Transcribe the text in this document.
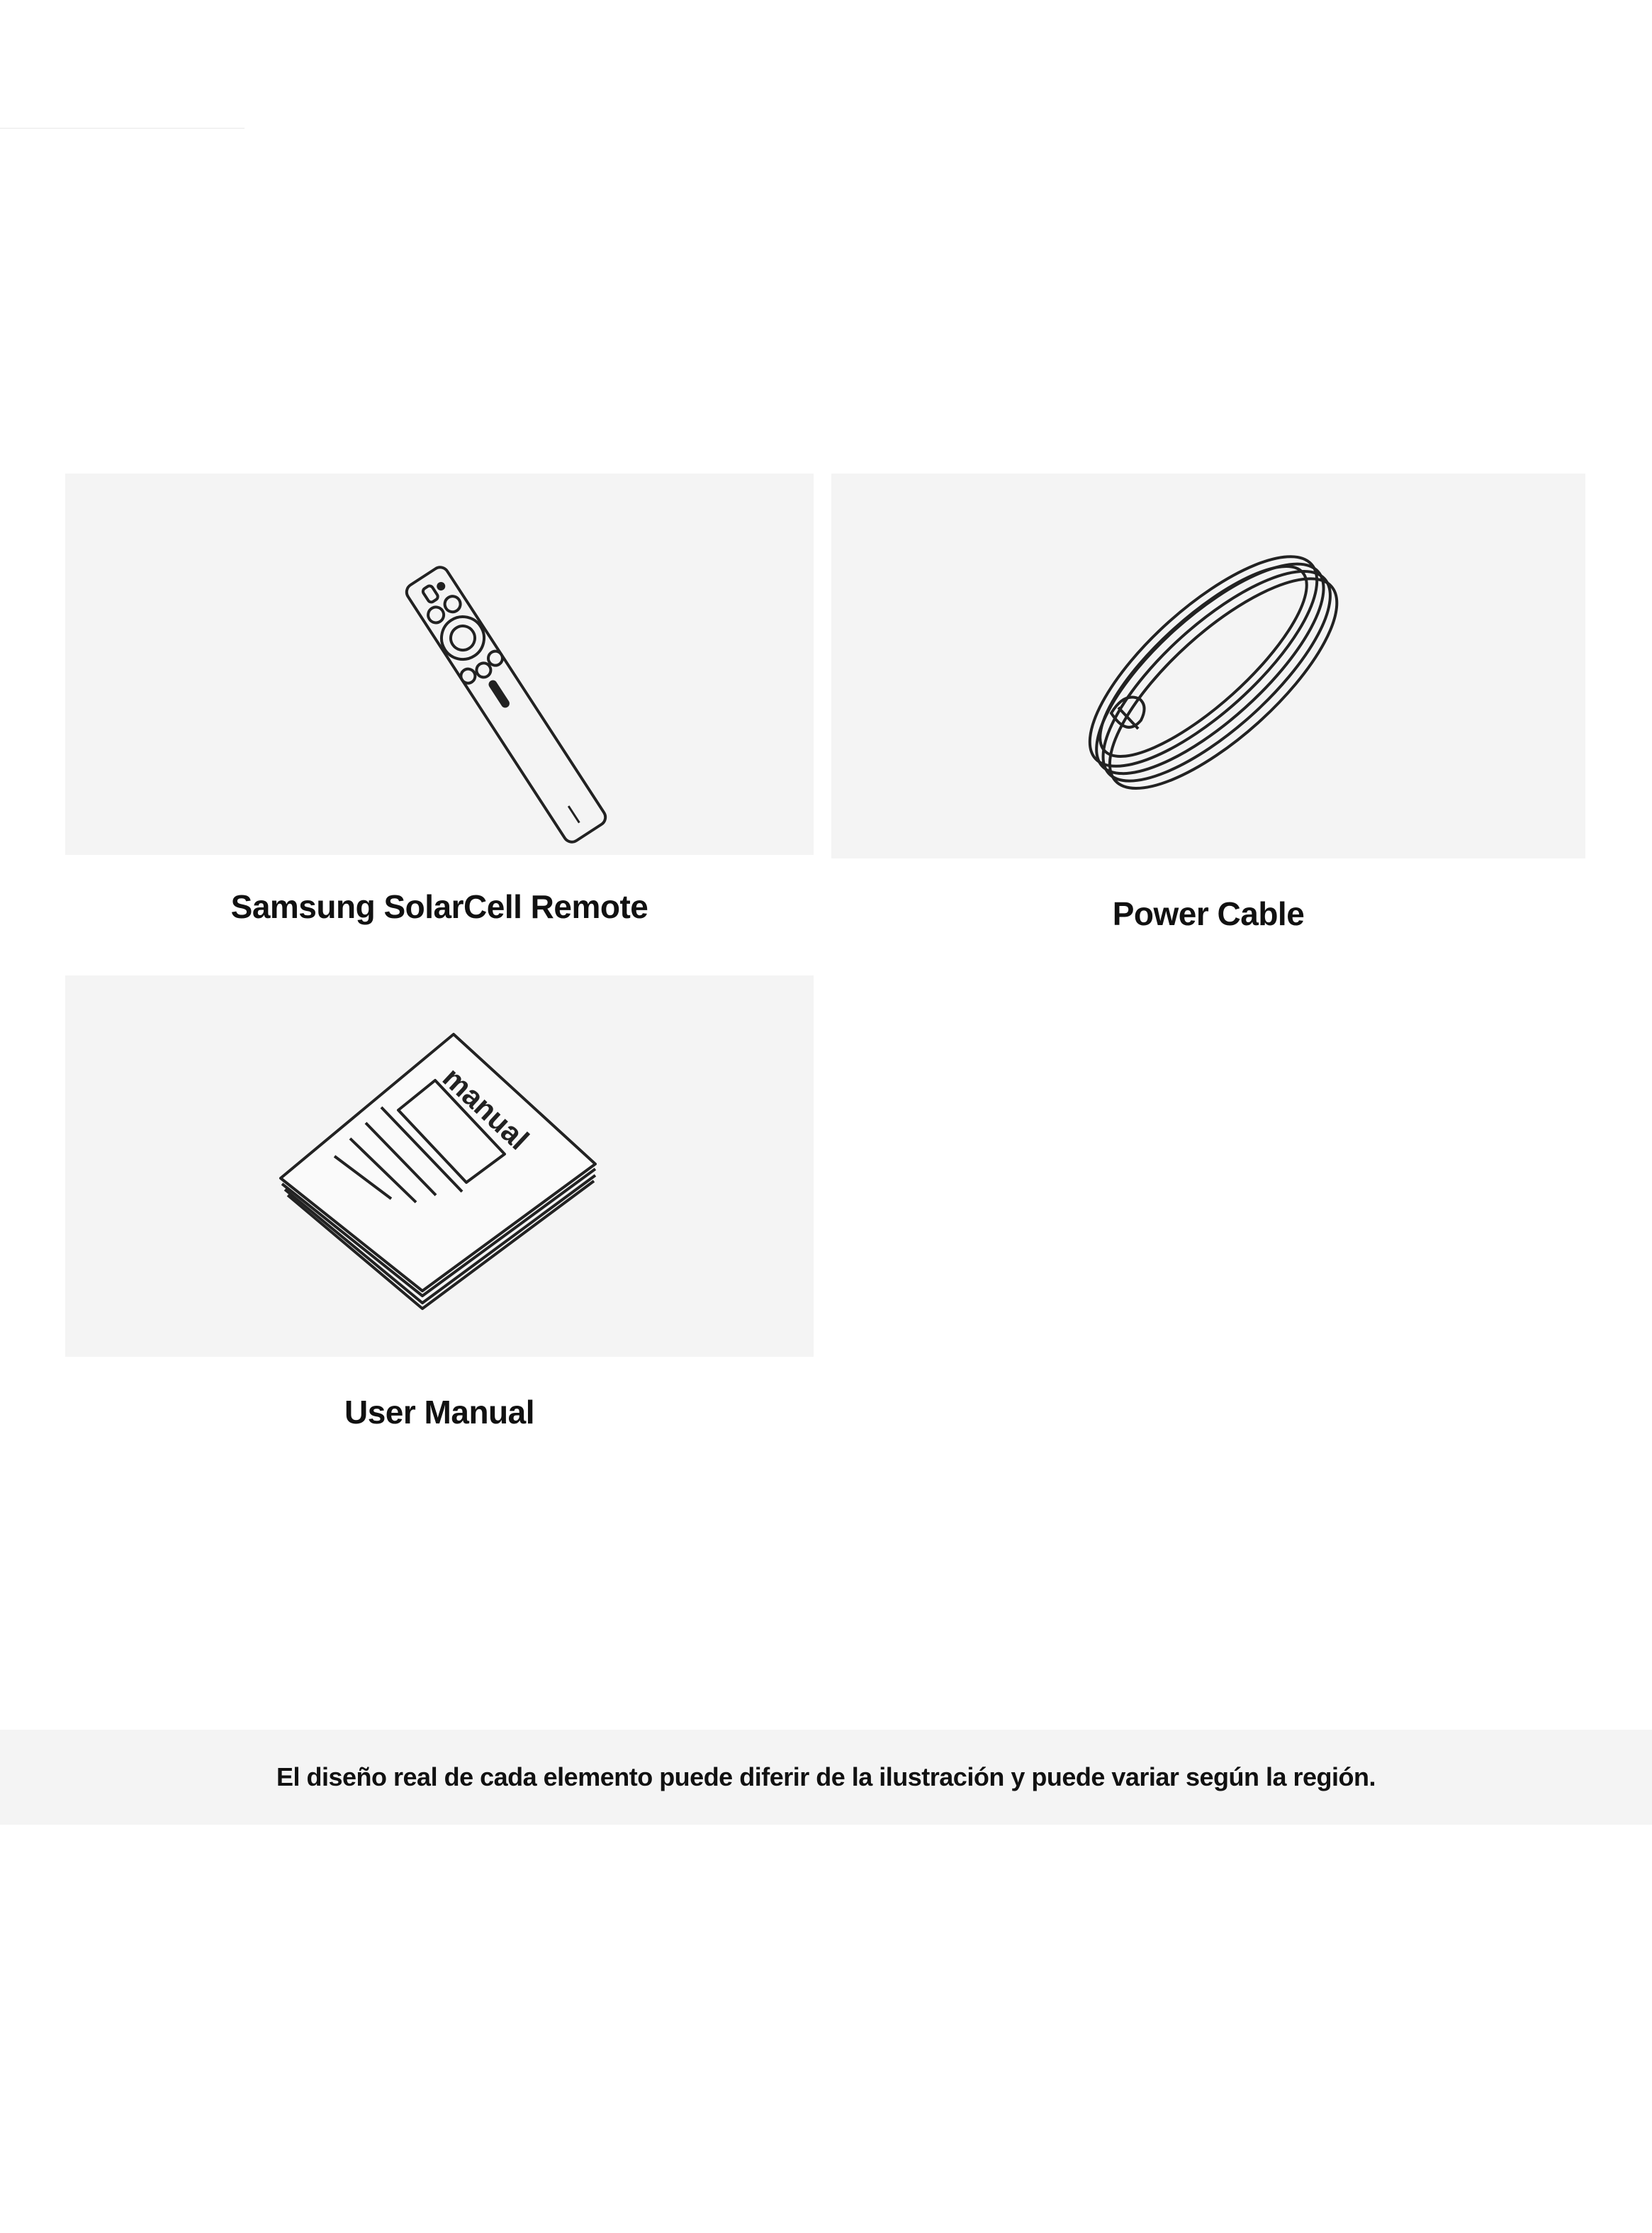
Samsung SolarCell Remote	Power Cable
manual
User Manual
El diseño real de cada elemento puede diferir de la ilustración y puede variar según la región.
